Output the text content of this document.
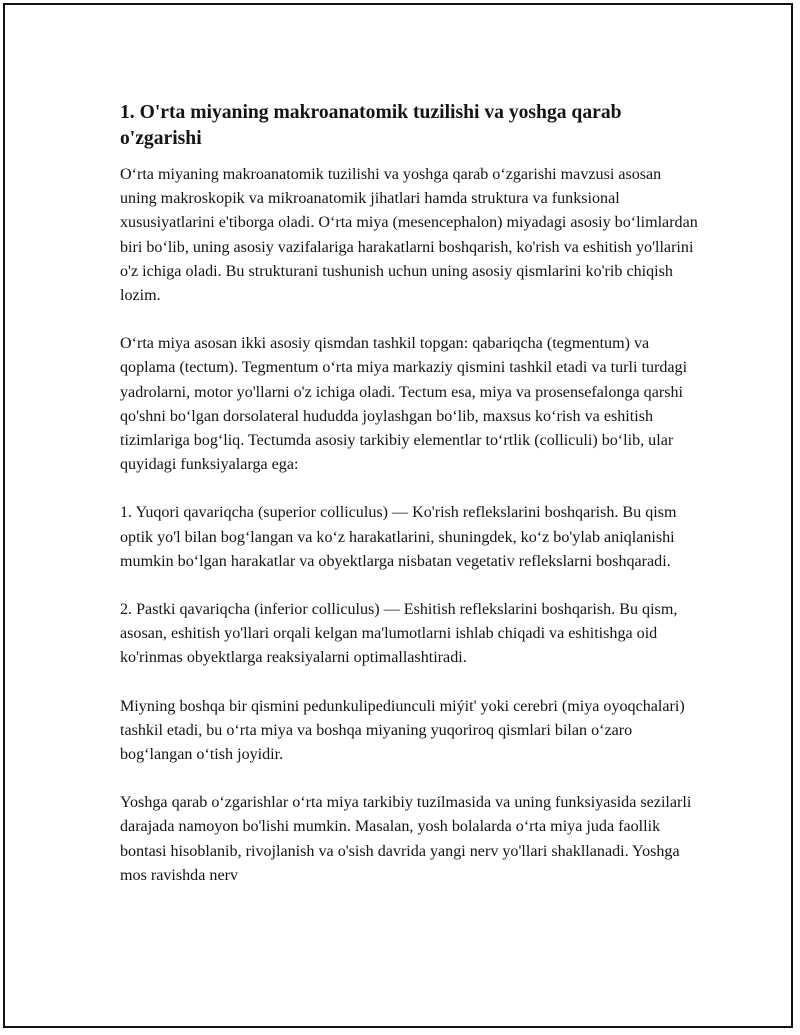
1. O'rta miyaning makroanatomik tuzilishi va yoshga qarab o'zgarishi

O‘rta miyaning makroanatomik tuzilishi va yoshga qarab o‘zgarishi mavzusi asosan uning makroskopik va mikroanatomik jihatlari hamda struktura va funksional xususiyatlarini e'tiborga oladi. O‘rta miya (mesencephalon) miyadagi asosiy bo‘limlardan biri bo‘lib, uning asosiy vazifalariga harakatlarni boshqarish, ko'rish va eshitish yo'llarini o'z ichiga oladi. Bu strukturani tushunish uchun uning asosiy qismlarini ko'rib chiqish lozim.

O‘rta miya asosan ikki asosiy qismdan tashkil topgan: qabariqcha (tegmentum) va qoplama (tectum). Tegmentum o‘rta miya markaziy qismini tashkil etadi va turli turdagi yadrolarni, motor yo'llarni o'z ichiga oladi. Tectum esa, miya va prosensefalonga qarshi qo'shni bo‘lgan dorsolateral hududda joylashgan bo‘lib, maxsus ko‘rish va eshitish tizimlariga bog‘liq. Tectumda asosiy tarkibiy elementlar to‘rtlik (colliculi) bo‘lib, ular quyidagi funksiyalarga ega:

1. Yuqori qavariqcha (superior colliculus) — Ko'rish reflekslarini boshqarish. Bu qism optik yo'l bilan bog‘langan va ko‘z harakatlarini, shuningdek, ko‘z bo'ylab aniqlanishi mumkin bo‘lgan harakatlar va obyektlarga nisbatan vegetativ reflekslarni boshqaradi.

2. Pastki qavariqcha (inferior colliculus) — Eshitish reflekslarini boshqarish. Bu qism, asosan, eshitish yo'llari orqali kelgan ma'lumotlarni ishlab chiqadi va eshitishga oid ko'rinmas obyektlarga reaksiyalarni optimallashtiradi.

Miyning boshqa bir qismini pedunkulipediunculi miýit' yoki cerebri (miya oyoqchalari) tashkil etadi, bu o‘rta miya va boshqa miyaning yuqoriroq qismlari bilan o‘zaro bog‘langan o‘tish joyidir.

Yoshga qarab o‘zgarishlar o‘rta miya tarkibiy tuzilmasida va uning funksiyasida sezilarli darajada namoyon bo'lishi mumkin. Masalan, yosh bolalarda o‘rta miya juda faollik bontasi hisoblanib, rivojlanish va o'sish davrida yangi nerv yo'llari shakllanadi. Yoshga mos ravishda nerv
